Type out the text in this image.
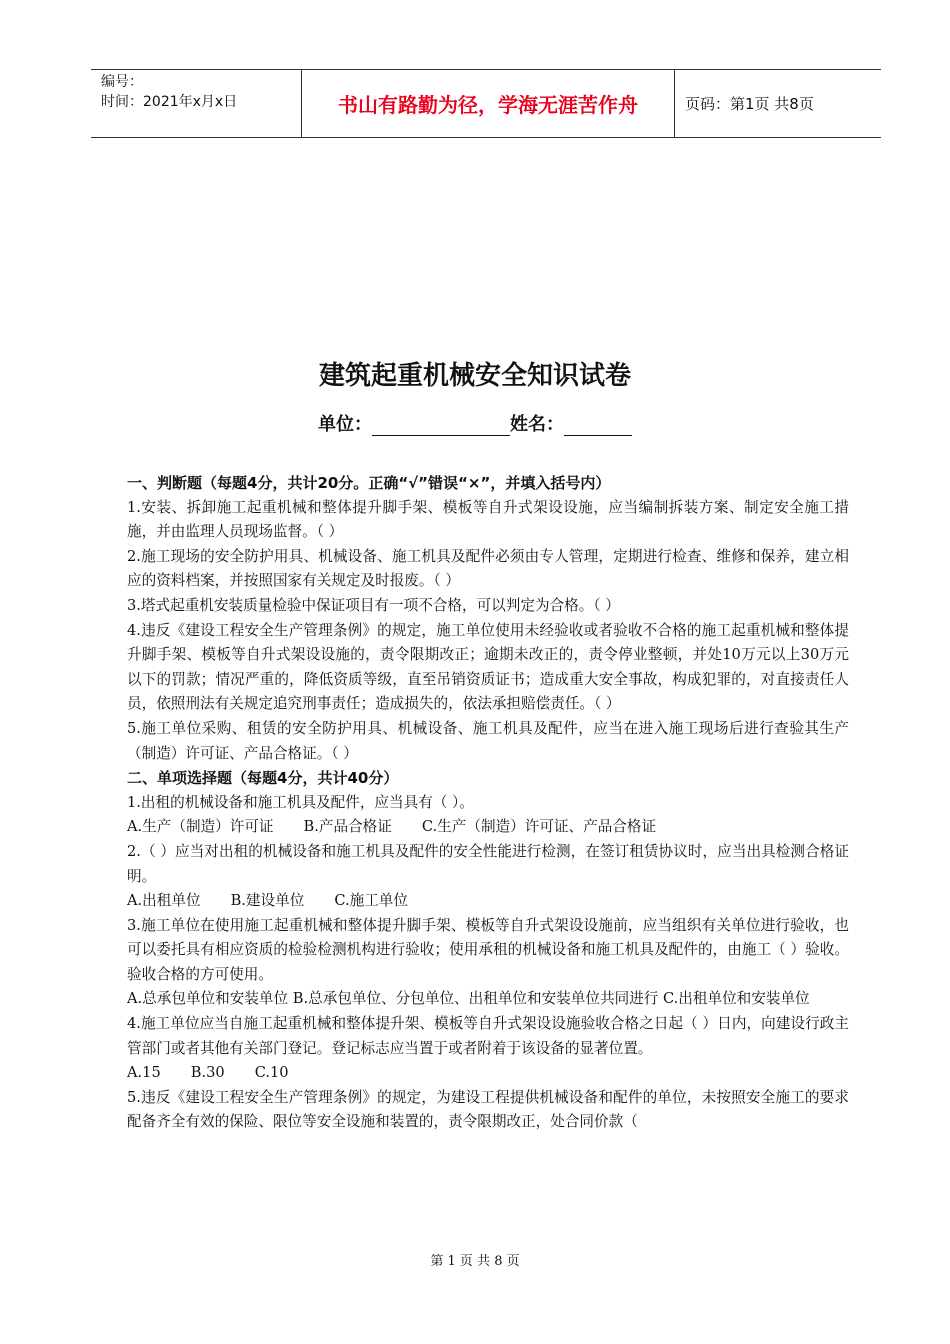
编号：
时间：2021年x月x日	书山有路勤为径，学海无涯苦作舟	页码：第1页 共8页
建筑起重机械安全知识试卷
单位：	姓名：

一、判断题（每题4分，共计20分。正确“√”错误“×”，并填入括号内）

1.安装、拆卸施工起重机械和整体提升脚手架、模板等自升式架设设施，应当编制拆装方案、制定安全施工措施，并由监理人员现场监督。（ ）

2.施工现场的安全防护用具、机械设备、施工机具及配件必须由专人管理，定期进行检查、维修和保养，建立相应的资料档案，并按照国家有关规定及时报废。（ ）

3.塔式起重机安装质量检验中保证项目有一项不合格，可以判定为合格。（ ）

4.违反《建设工程安全生产管理条例》的规定，施工单位使用未经验收或者验收不合格的施工起重机械和整体提升脚手架、模板等自升式架设设施的，责令限期改正；逾期未改正的，责令停业整顿，并处10万元以上30万元以下的罚款；情况严重的，降低资质等级，直至吊销资质证书；造成重大安全事故，构成犯罪的，对直接责任人员，依照刑法有关规定追究刑事责任；造成损失的，依法承担赔偿责任。（ ）

5.施工单位采购、租赁的安全防护用具、机械设备、施工机具及配件，应当在进入施工现场后进行查验其生产（制造）许可证、产品合格证。（ ）

二、单项选择题（每题4分，共计40分）

1.出租的机械设备和施工机具及配件，应当具有（ ）。

A.生产（制造）许可证 B.产品合格证 C.生产（制造）许可证、产品合格证

2.（ ）应当对出租的机械设备和施工机具及配件的安全性能进行检测，在签订租赁协议时，应当出具检测合格证明。

A.出租单位 B.建设单位 C.施工单位

3.施工单位在使用施工起重机械和整体提升脚手架、模板等自升式架设设施前，应当组织有关单位进行验收，也可以委托具有相应资质的检验检测机构进行验收；使用承租的机械设备和施工机具及配件的，由施工（ ）验收。验收合格的方可使用。

A.总承包单位和安装单位 B.总承包单位、分包单位、出租单位和安装单位共同进行 C.出租单位和安装单位

4.施工单位应当自施工起重机械和整体提升架、模板等自升式架设设施验收合格之日起（ ）日内，向建设行政主管部门或者其他有关部门登记。登记标志应当置于或者附着于该设备的显著位置。

A.15 B.30 C.10

5.违反《建设工程安全生产管理条例》的规定，为建设工程提供机械设备和配件的单位，未按照安全施工的要求配备齐全有效的保险、限位等安全设施和装置的，责令限期改正，处合同价款（

第 1 页 共 8 页
